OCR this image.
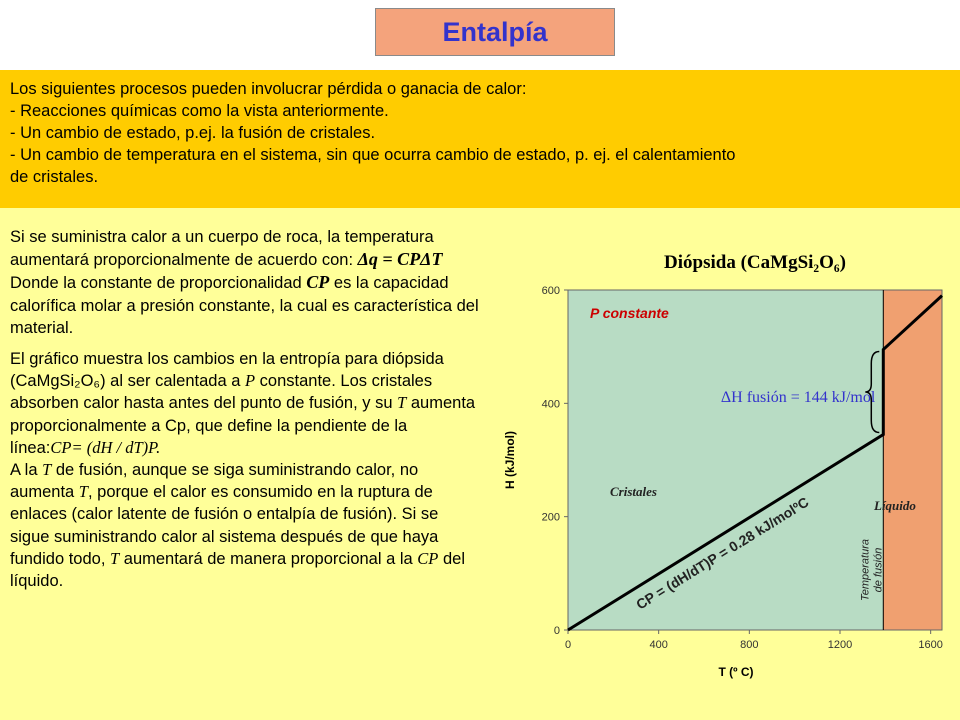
Entalpía
Los siguientes procesos pueden involucrar pérdida o ganacia de calor:
- Reacciones químicas como la vista anteriormente.
- Un cambio de estado, p.ej. la fusión de cristales.
- Un cambio de temperatura en el sistema, sin que ocurra cambio de estado, p. ej. el calentamiento
de cristales.

Si se suministra calor a un cuerpo de roca, la temperatura aumentará proporcionalmente de acuerdo con: Δq = CPΔT
Donde la constante de proporcionalidad CP es la capacidad calorífica molar a presión constante, la cual es característica del material.

El gráfico muestra los cambios en la entropía para diópsida (CaMgSi₂O₆) al ser calentada a P constante. Los cristales absorben calor hasta antes del punto de fusión, y su T aumenta proporcionalmente a Cp, que define la pendiente de la línea:CP= (dH / dT)P.
A la T de fusión, aunque se siga suministrando calor, no aumenta T, porque el calor es consumido en la ruptura de enlaces (calor latente de fusión o entalpía de fusión). Si se sigue suministrando calor al sistema después de que haya fundido todo, T aumentará de manera proporcional a la CP del líquido.

Diópsida (CaMgSi₂O₆)
0
200
400
600
0	400	800	1200	1600
T (º C)
H (kJ/mol)
P constante
Cristales
Líquido
Temperatura de fusión
CP = (dH/dT)P = 0.28 kJ/molºC
ΔH fusión = 144 kJ/mol
